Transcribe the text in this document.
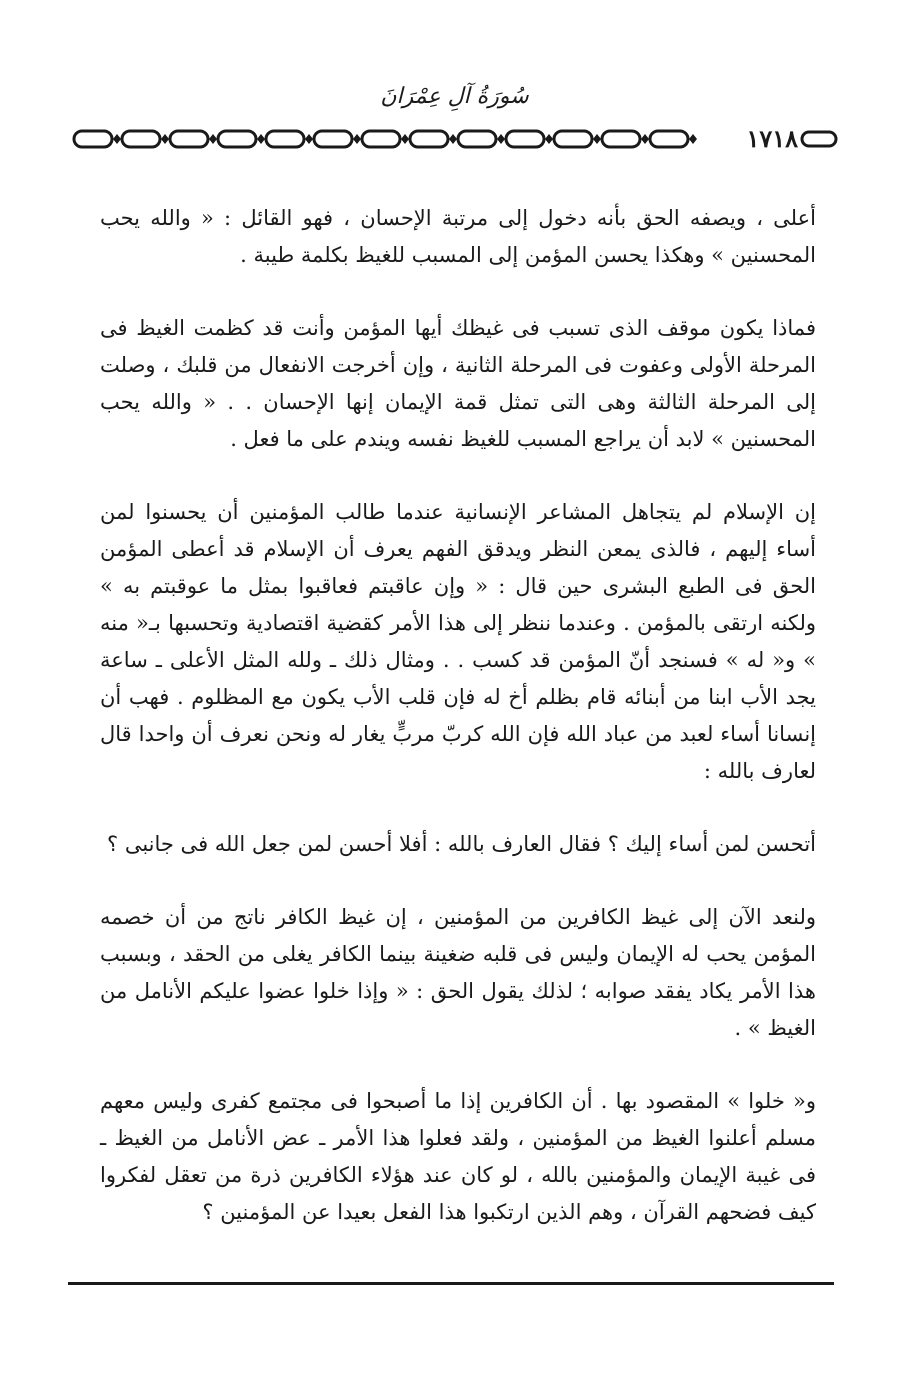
سُورَةُ آلِ عِمْرَانَ
١٧١٨

أعلى ، ويصفه الحق بأنه دخول إلى مرتبة الإحسان ، فهو القائل : « والله يحب المحسنين » وهكذا يحسن المؤمن إلى المسبب للغيظ بكلمة طيبة .

فماذا يكون موقف الذى تسبب فى غيظك أيها المؤمن وأنت قد كظمت الغيظ فى المرحلة الأولى وعفوت فى المرحلة الثانية ، وإن أخرجت الانفعال من قلبك ، وصلت إلى المرحلة الثالثة وهى التى تمثل قمة الإيمان إنها الإحسان . . « والله يحب المحسنين » لابد أن يراجع المسبب للغيظ نفسه ويندم على ما فعل .

إن الإسلام لم يتجاهل المشاعر الإنسانية عندما طالب المؤمنين أن يحسنوا لمن أساء إليهم ، فالذى يمعن النظر ويدقق الفهم يعرف أن الإسلام قد أعطى المؤمن الحق فى الطبع البشرى حين قال : « وإن عاقبتم فعاقبوا بمثل ما عوقبتم به » ولكنه ارتقى بالمؤمن . وعندما ننظر إلى هذا الأمر كقضية اقتصادية وتحسبها بـ« منه » و« له » فسنجد أنّ المؤمن قد كسب . . ومثال ذلك ـ ولله المثل الأعلى ـ ساعة يجد الأب ابنا من أبنائه قام بظلم أخ له فإن قلب الأب يكون مع المظلوم . فهب أن إنسانا أساء لعبد من عباد الله فإن الله كربّ مربٍّ يغار له ونحن نعرف أن واحدا قال لعارف بالله :

أتحسن لمن أساء إليك ؟ فقال العارف بالله : أفلا أحسن لمن جعل الله فى جانبى ؟

ولنعد الآن إلى غيظ الكافرين من المؤمنين ، إن غيظ الكافر ناتج من أن خصمه المؤمن يحب له الإيمان وليس فى قلبه ضغينة بينما الكافر يغلى من الحقد ، وبسبب هذا الأمر يكاد يفقد صوابه ؛ لذلك يقول الحق : « وإذا خلوا عضوا عليكم الأنامل من الغيظ » .

و« خلوا » المقصود بها . أن الكافرين إذا ما أصبحوا فى مجتمع كفرى وليس معهم مسلم أعلنوا الغيظ من المؤمنين ، ولقد فعلوا هذا الأمر ـ عض الأنامل من الغيظ ـ فى غيبة الإيمان والمؤمنين بالله ، لو كان عند هؤلاء الكافرين ذرة من تعقل لفكروا كيف فضحهم القرآن ، وهم الذين ارتكبوا هذا الفعل بعيدا عن المؤمنين ؟
